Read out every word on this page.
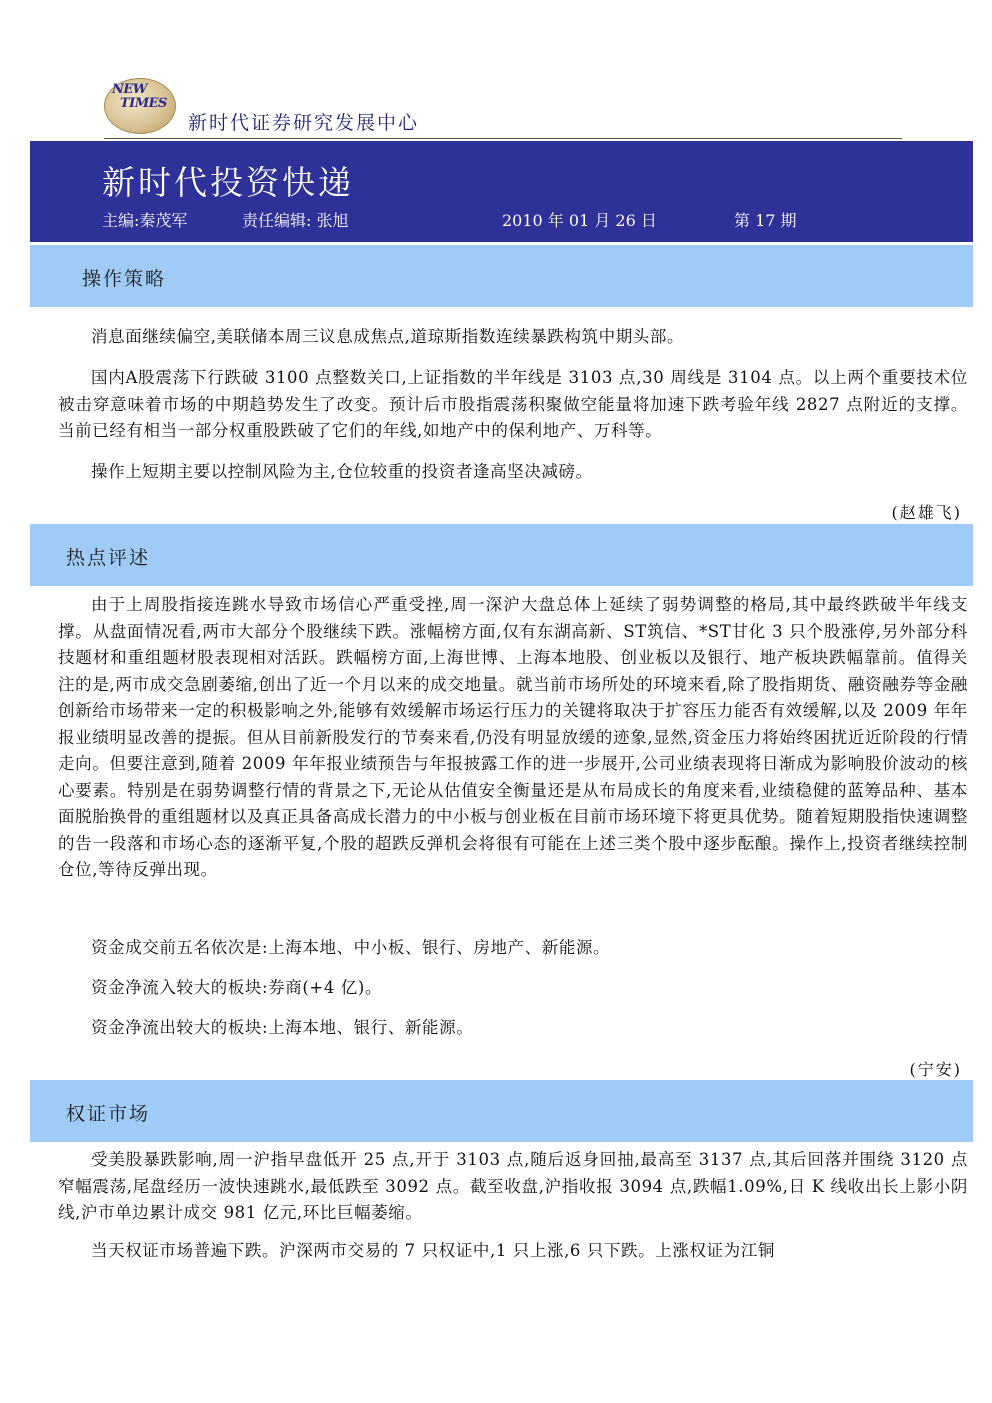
NEW
TIMES
新时代证券研究发展中心
新时代投资快递
主编:秦茂军	责任编辑: 张旭	2010 年 01 月 26 日	第 17 期
操作策略

消息面继续偏空,美联储本周三议息成焦点,道琼斯指数连续暴跌构筑中期头部。

国内A股震荡下行跌破 3100 点整数关口,上证指数的半年线是 3103 点,30 周线是 3104 点。以上两个重要技术位被击穿意味着市场的中期趋势发生了改变。预计后市股指震荡积聚做空能量将加速下跌考验年线 2827 点附近的支撑。当前已经有相当一部分权重股跌破了它们的年线,如地产中的保利地产、万科等。

操作上短期主要以控制风险为主,仓位较重的投资者逢高坚决减磅。

(赵雄飞)
热点评述

由于上周股指接连跳水导致市场信心严重受挫,周一深沪大盘总体上延续了弱势调整的格局,其中最终跌破半年线支撑。从盘面情况看,两市大部分个股继续下跌。涨幅榜方面,仅有东湖高新、ST筑信、*ST甘化 3 只个股涨停,另外部分科技题材和重组题材股表现相对活跃。跌幅榜方面,上海世博、上海本地股、创业板以及银行、地产板块跌幅靠前。值得关注的是,两市成交急剧萎缩,创出了近一个月以来的成交地量。就当前市场所处的环境来看,除了股指期货、融资融券等金融创新给市场带来一定的积极影响之外,能够有效缓解市场运行压力的关键将取决于扩容压力能否有效缓解,以及 2009 年年报业绩明显改善的提振。但从目前新股发行的节奏来看,仍没有明显放缓的迹象,显然,资金压力将始终困扰近近阶段的行情走向。但要注意到,随着 2009 年年报业绩预告与年报披露工作的进一步展开,公司业绩表现将日渐成为影响股价波动的核心要素。特别是在弱势调整行情的背景之下,无论从估值安全衡量还是从布局成长的角度来看,业绩稳健的蓝筹品种、基本面脱胎换骨的重组题材以及真正具备高成长潜力的中小板与创业板在目前市场环境下将更具优势。随着短期股指快速调整的告一段落和市场心态的逐渐平复,个股的超跌反弹机会将很有可能在上述三类个股中逐步酝酿。操作上,投资者继续控制仓位,等待反弹出现。

资金成交前五名依次是:上海本地、中小板、银行、房地产、新能源。

资金净流入较大的板块:券商(+4 亿)。

资金净流出较大的板块:上海本地、银行、新能源。

(宁安)
权证市场

受美股暴跌影响,周一沪指早盘低开 25 点,开于 3103 点,随后返身回抽,最高至 3137 点,其后回落并围绕 3120 点窄幅震荡,尾盘经历一波快速跳水,最低跌至 3092 点。截至收盘,沪指收报 3094 点,跌幅1.09%,日 K 线收出长上影小阴线,沪市单边累计成交 981 亿元,环比巨幅萎缩。

当天权证市场普遍下跌。沪深两市交易的 7 只权证中,1 只上涨,6 只下跌。上涨权证为江铜
